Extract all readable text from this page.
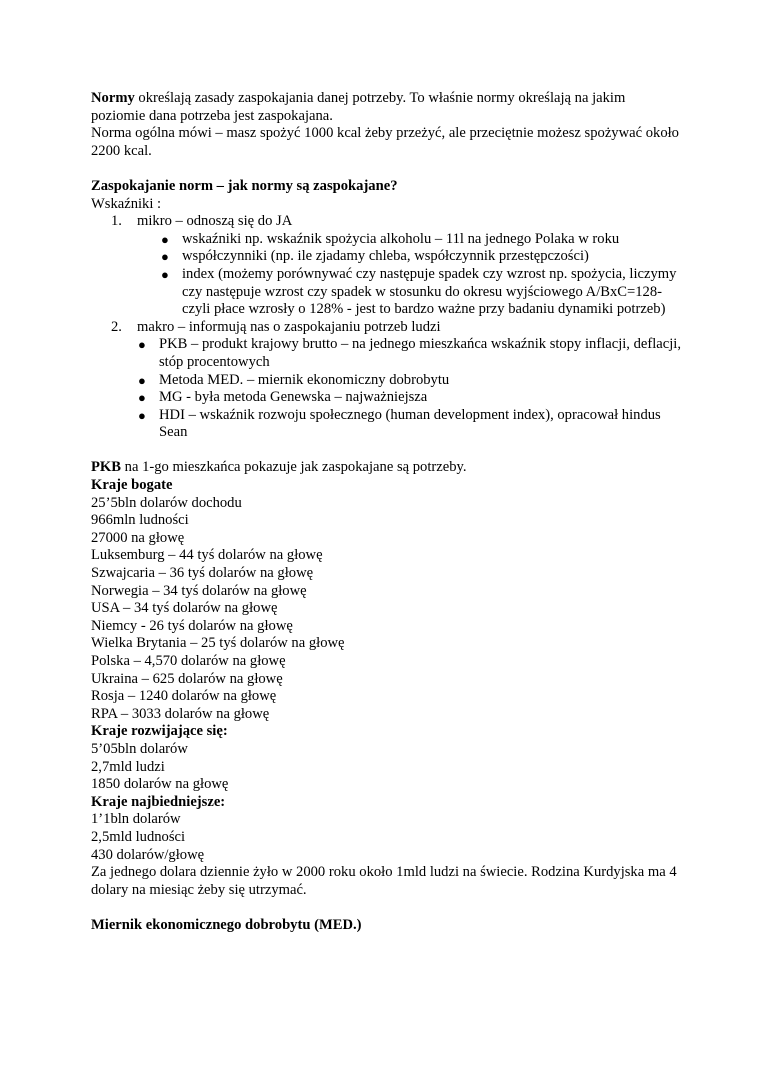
Normy określają zasady zaspokajania danej potrzeby. To właśnie normy określają na jakim poziomie dana potrzeba jest zaspokajana.

Norma ogólna mówi – masz spożyć 1000 kcal żeby przeżyć, ale przeciętnie możesz spożywać około 2200 kcal.

Zaspokajanie norm – jak normy są zaspokajane?

Wskaźniki :

1. mikro – odnoszą się do JA
● wskaźniki np. wskaźnik spożycia alkoholu – 11l na jednego Polaka w roku
● współczynniki (np. ile zjadamy chleba, współczynnik przestępczości)
● index (możemy porównywać czy następuje spadek czy wzrost np. spożycia, liczymy czy następuje wzrost czy spadek w stosunku do okresu wyjściowego A/BxC=128- czyli płace wzrosły o 128% - jest to bardzo ważne przy badaniu dynamiki potrzeb)
2. makro – informują nas o zaspokajaniu potrzeb ludzi
● PKB – produkt krajowy brutto – na jednego mieszkańca wskaźnik stopy inflacji, deflacji, stóp procentowych
● Metoda MED. – miernik ekonomiczny dobrobytu
● MG - była metoda Genewska – najważniejsza
● HDI – wskaźnik rozwoju społecznego (human development index), opracował hindus Sean

PKB na 1-go mieszkańca pokazuje jak zaspokajane są potrzeby.

Kraje bogate

25’5bln dolarów dochodu

966mln ludności

27000 na głowę

Luksemburg – 44 tyś dolarów na głowę

Szwajcaria – 36 tyś dolarów na głowę

Norwegia – 34 tyś dolarów na głowę

USA – 34 tyś dolarów na głowę

Niemcy - 26 tyś dolarów na głowę

Wielka Brytania – 25 tyś dolarów na głowę

Polska – 4,570 dolarów na głowę

Ukraina – 625 dolarów na głowę

Rosja – 1240 dolarów na głowę

RPA – 3033 dolarów na głowę

Kraje rozwijające się:

5’05bln dolarów

2,7mld ludzi

1850 dolarów na głowę

Kraje najbiedniejsze:

1’1bln dolarów

2,5mld ludności

430 dolarów/głowę

Za jednego dolara dziennie żyło w 2000 roku około 1mld ludzi na świecie. Rodzina Kurdyjska ma 4 dolary na miesiąc żeby się utrzymać.

Miernik ekonomicznego dobrobytu (MED.)
